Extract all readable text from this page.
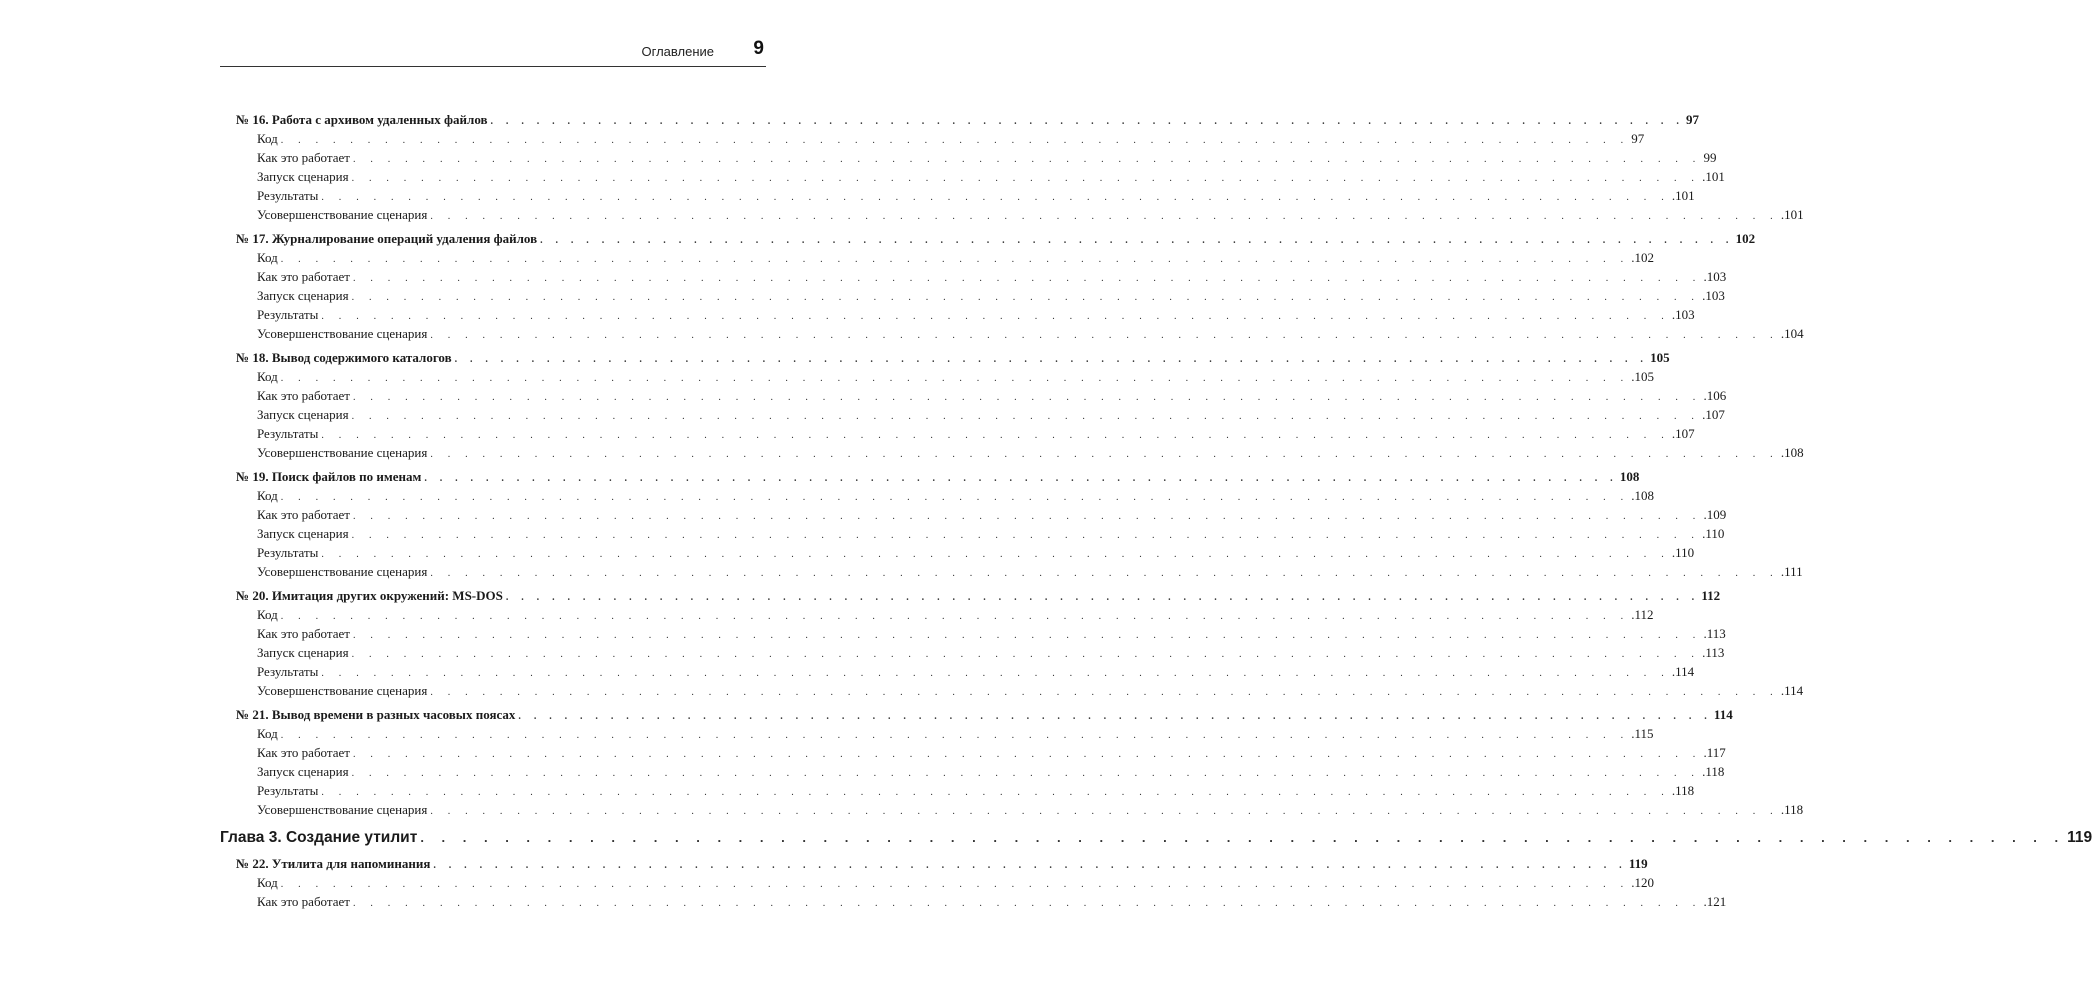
Оглавление 9
№ 16. Работа с архивом удаленных файлов . . . . . . . . . . . . . . . . . . . . . . . . . . . . . . . . . . . . . . . . . . . . . . . . . . . . . . . . . . . . . . . . . . . . . . . . . . . . . . 97
Код . . . . . . . . . . . . . . . . . . . . . . . . . . . . . . . . . . . . . . . . . . . . . . . . . . . . . . . . . . . . . . . . . . . . . . . . . . . . . . 97
Как это работает . . . . . . . . . . . . . . . . . . . . . . . . . . . . . . . . . . . . . . . . . . . . . . . . . . . . . . . . . . . . . . . . . . . . . . . . . . . . . . 99
Запуск сценария . . . . . . . . . . . . . . . . . . . . . . . . . . . . . . . . . . . . . . . . . . . . . . . . . . . . . . . . . . . . . . . . . . . . . . . . . . . . . . .101
Результаты . . . . . . . . . . . . . . . . . . . . . . . . . . . . . . . . . . . . . . . . . . . . . . . . . . . . . . . . . . . . . . . . . . . . . . . . . . . . . . .101
Усовершенствование сценария . . . . . . . . . . . . . . . . . . . . . . . . . . . . . . . . . . . . . . . . . . . . . . . . . . . . . . . . . . . . . . . . . . . . . . . . . . . . . . .101
№ 17. Журналирование операций удаления файлов . . . . . . . . . . . . . . . . . . . . . . . . . . . . . . . . . . . . . . . . . . . . . . . . . . . . . . . . . . . . . . . . . . . . . . . . . . . . . . 102
Код . . . . . . . . . . . . . . . . . . . . . . . . . . . . . . . . . . . . . . . . . . . . . . . . . . . . . . . . . . . . . . . . . . . . . . . . . . . . . . .102
Как это работает . . . . . . . . . . . . . . . . . . . . . . . . . . . . . . . . . . . . . . . . . . . . . . . . . . . . . . . . . . . . . . . . . . . . . . . . . . . . . . .103
Запуск сценария . . . . . . . . . . . . . . . . . . . . . . . . . . . . . . . . . . . . . . . . . . . . . . . . . . . . . . . . . . . . . . . . . . . . . . . . . . . . . . .103
Результаты . . . . . . . . . . . . . . . . . . . . . . . . . . . . . . . . . . . . . . . . . . . . . . . . . . . . . . . . . . . . . . . . . . . . . . . . . . . . . . .103
Усовершенствование сценария . . . . . . . . . . . . . . . . . . . . . . . . . . . . . . . . . . . . . . . . . . . . . . . . . . . . . . . . . . . . . . . . . . . . . . . . . . . . . . .104
№ 18. Вывод содержимого каталогов . . . . . . . . . . . . . . . . . . . . . . . . . . . . . . . . . . . . . . . . . . . . . . . . . . . . . . . . . . . . . . . . . . . . . . . . . . . . . . 105
Код . . . . . . . . . . . . . . . . . . . . . . . . . . . . . . . . . . . . . . . . . . . . . . . . . . . . . . . . . . . . . . . . . . . . . . . . . . . . . . .105
Как это работает . . . . . . . . . . . . . . . . . . . . . . . . . . . . . . . . . . . . . . . . . . . . . . . . . . . . . . . . . . . . . . . . . . . . . . . . . . . . . . .106
Запуск сценария . . . . . . . . . . . . . . . . . . . . . . . . . . . . . . . . . . . . . . . . . . . . . . . . . . . . . . . . . . . . . . . . . . . . . . . . . . . . . . .107
Результаты . . . . . . . . . . . . . . . . . . . . . . . . . . . . . . . . . . . . . . . . . . . . . . . . . . . . . . . . . . . . . . . . . . . . . . . . . . . . . . .107
Усовершенствование сценария . . . . . . . . . . . . . . . . . . . . . . . . . . . . . . . . . . . . . . . . . . . . . . . . . . . . . . . . . . . . . . . . . . . . . . . . . . . . . . .108
№ 19. Поиск файлов по именам . . . . . . . . . . . . . . . . . . . . . . . . . . . . . . . . . . . . . . . . . . . . . . . . . . . . . . . . . . . . . . . . . . . . . . . . . . . . . . 108
Код . . . . . . . . . . . . . . . . . . . . . . . . . . . . . . . . . . . . . . . . . . . . . . . . . . . . . . . . . . . . . . . . . . . . . . . . . . . . . . .108
Как это работает . . . . . . . . . . . . . . . . . . . . . . . . . . . . . . . . . . . . . . . . . . . . . . . . . . . . . . . . . . . . . . . . . . . . . . . . . . . . . . .109
Запуск сценария . . . . . . . . . . . . . . . . . . . . . . . . . . . . . . . . . . . . . . . . . . . . . . . . . . . . . . . . . . . . . . . . . . . . . . . . . . . . . . .110
Результаты . . . . . . . . . . . . . . . . . . . . . . . . . . . . . . . . . . . . . . . . . . . . . . . . . . . . . . . . . . . . . . . . . . . . . . . . . . . . . . .110
Усовершенствование сценария . . . . . . . . . . . . . . . . . . . . . . . . . . . . . . . . . . . . . . . . . . . . . . . . . . . . . . . . . . . . . . . . . . . . . . . . . . . . . . .111
№ 20. Имитация других окружений: MS-DOS . . . . . . . . . . . . . . . . . . . . . . . . . . . . . . . . . . . . . . . . . . . . . . . . . . . . . . . . . . . . . . . . . . . . . . . . . . . . . . 112
Код . . . . . . . . . . . . . . . . . . . . . . . . . . . . . . . . . . . . . . . . . . . . . . . . . . . . . . . . . . . . . . . . . . . . . . . . . . . . . . .112
Как это работает . . . . . . . . . . . . . . . . . . . . . . . . . . . . . . . . . . . . . . . . . . . . . . . . . . . . . . . . . . . . . . . . . . . . . . . . . . . . . . .113
Запуск сценария . . . . . . . . . . . . . . . . . . . . . . . . . . . . . . . . . . . . . . . . . . . . . . . . . . . . . . . . . . . . . . . . . . . . . . . . . . . . . . .113
Результаты . . . . . . . . . . . . . . . . . . . . . . . . . . . . . . . . . . . . . . . . . . . . . . . . . . . . . . . . . . . . . . . . . . . . . . . . . . . . . . .114
Усовершенствование сценария . . . . . . . . . . . . . . . . . . . . . . . . . . . . . . . . . . . . . . . . . . . . . . . . . . . . . . . . . . . . . . . . . . . . . . . . . . . . . . .114
№ 21. Вывод времени в разных часовых поясах . . . . . . . . . . . . . . . . . . . . . . . . . . . . . . . . . . . . . . . . . . . . . . . . . . . . . . . . . . . . . . . . . . . . . . . . . . . . . . 114
Код . . . . . . . . . . . . . . . . . . . . . . . . . . . . . . . . . . . . . . . . . . . . . . . . . . . . . . . . . . . . . . . . . . . . . . . . . . . . . . .115
Как это работает . . . . . . . . . . . . . . . . . . . . . . . . . . . . . . . . . . . . . . . . . . . . . . . . . . . . . . . . . . . . . . . . . . . . . . . . . . . . . . .117
Запуск сценария . . . . . . . . . . . . . . . . . . . . . . . . . . . . . . . . . . . . . . . . . . . . . . . . . . . . . . . . . . . . . . . . . . . . . . . . . . . . . . .118
Результаты . . . . . . . . . . . . . . . . . . . . . . . . . . . . . . . . . . . . . . . . . . . . . . . . . . . . . . . . . . . . . . . . . . . . . . . . . . . . . . .118
Усовершенствование сценария . . . . . . . . . . . . . . . . . . . . . . . . . . . . . . . . . . . . . . . . . . . . . . . . . . . . . . . . . . . . . . . . . . . . . . . . . . . . . . .118
Глава 3. Создание утилит . . . . . . . . . . . . . . . . . . . . . . . . . . . . . . . . . . . . . . . . . . . . . . . . . . . . . . . . . . . . . . . . . . . . . . . . . . . . . . 119
№ 22. Утилита для напоминания . . . . . . . . . . . . . . . . . . . . . . . . . . . . . . . . . . . . . . . . . . . . . . . . . . . . . . . . . . . . . . . . . . . . . . . . . . . . . . 119
Код . . . . . . . . . . . . . . . . . . . . . . . . . . . . . . . . . . . . . . . . . . . . . . . . . . . . . . . . . . . . . . . . . . . . . . . . . . . . . . .120
Как это работает . . . . . . . . . . . . . . . . . . . . . . . . . . . . . . . . . . . . . . . . . . . . . . . . . . . . . . . . . . . . . . . . . . . . . . . . . . . . . . .121
